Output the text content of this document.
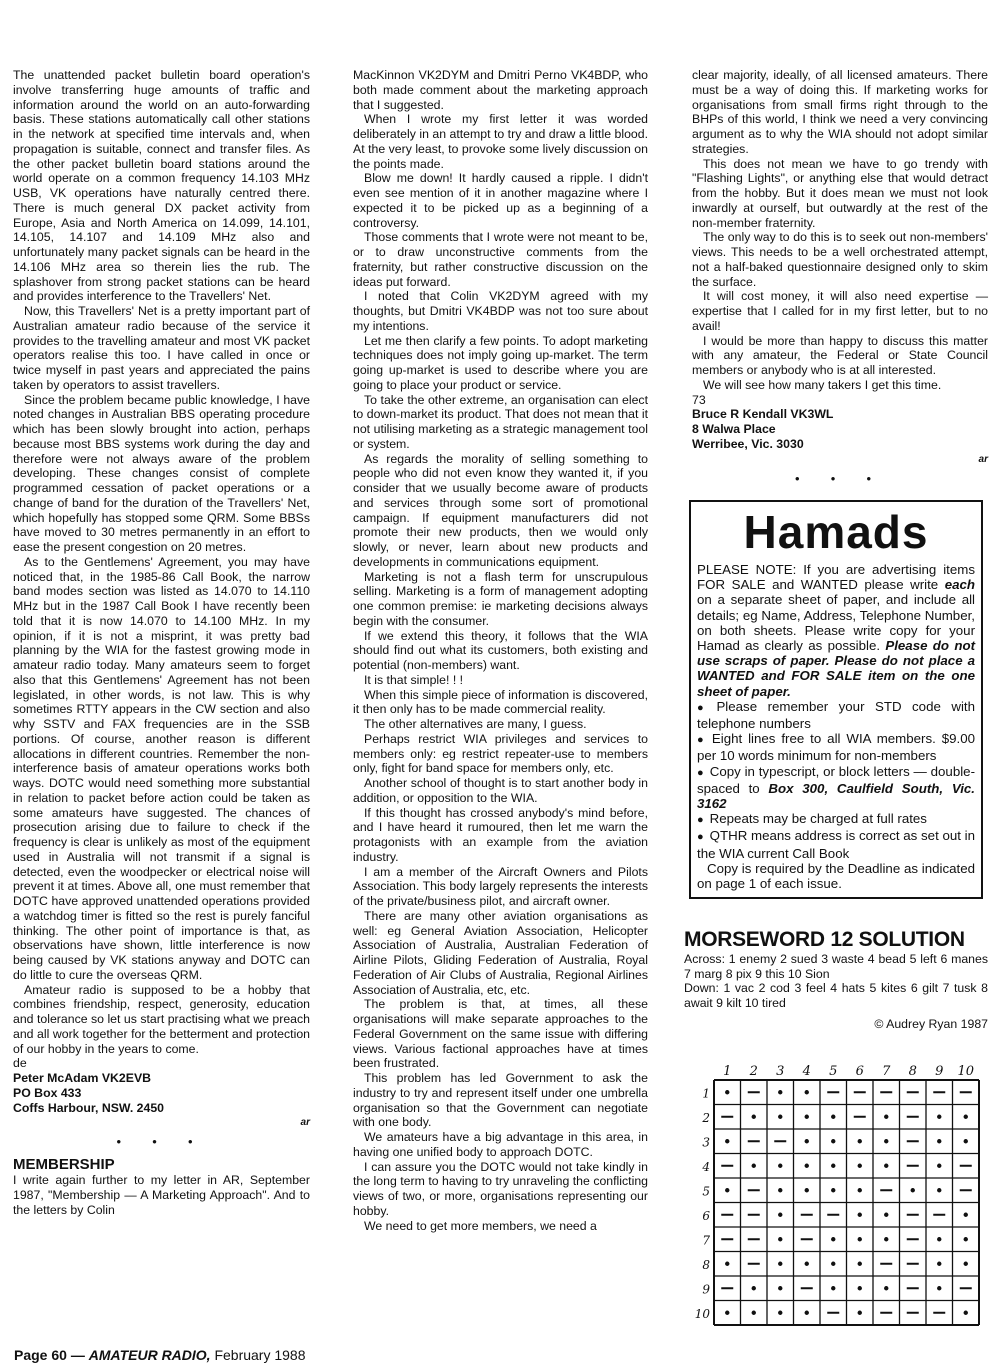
The unattended packet bulletin board operation's involve transferring huge amounts of traffic and information around the world on an auto-forwarding basis. These stations automatically call other stations in the network at specified time intervals and, when propagation is suitable, connect and transfer files. As the other packet bulletin board stations around the world operate on a common frequency 14.103 MHz USB, VK operations have naturally centred there. There is much general DX packet activity from Europe, Asia and North America on 14.099, 14.101, 14.105, 14.107 and 14.109 MHz also and unfortunately many packet signals can be heard in the 14.106 MHz area so therein lies the rub. The splashover from strong packet stations can be heard and provides interference to the Travellers' Net.

Now, this Travellers' Net is a pretty important part of Australian amateur radio because of the service it provides to the travelling amateur and most VK packet operators realise this too. I have called in once or twice myself in past years and appreciated the pains taken by operators to assist travellers.

Since the problem became public knowledge, I have noted changes in Australian BBS operating procedure which has been slowly brought into action, perhaps because most BBS systems work during the day and therefore were not always aware of the problem developing. These changes consist of complete programmed cessation of packet operations or a change of band for the duration of the Travellers' Net, which hopefully has stopped some QRM. Some BBSs have moved to 30 metres permanently in an effort to ease the present congestion on 20 metres.

As to the Gentlemens' Agreement, you may have noticed that, in the 1985-86 Call Book, the narrow band modes section was listed as 14.070 to 14.110 MHz but in the 1987 Call Book I have recently been told that it is now 14.070 to 14.100 MHz. In my opinion, if it is not a misprint, it was pretty bad planning by the WIA for the fastest growing mode in amateur radio today. Many amateurs seem to forget also that this Gentlemens' Agreement has not been legislated, in other words, is not law. This is why sometimes RTTY appears in the CW section and also why SSTV and FAX frequencies are in the SSB portions. Of course, another reason is different allocations in different countries. Remember the non-interference basis of amateur operations works both ways. DOTC would need something more substantial in relation to packet before action could be taken as some amateurs have suggested. The chances of prosecution arising due to failure to check if the frequency is clear is unlikely as most of the equipment used in Australia will not transmit if a signal is detected, even the woodpecker or electrical noise will prevent it at times. Above all, one must remember that DOTC have approved unattended operations provided a watchdog timer is fitted so the rest is purely fanciful thinking. The other point of importance is that, as observations have shown, little interference is now being caused by VK stations anyway and DOTC can do little to cure the overseas QRM.

Amateur radio is supposed to be a hobby that combines friendship, respect, generosity, education and tolerance so let us start practising what we preach and all work together for the betterment and protection of our hobby in the years to come.

de

Peter McAdam VK2EVB
PO Box 433
Coffs Harbour, NSW. 2450
ar
• • •
MEMBERSHIP

I write again further to my letter in AR, September 1987, "Membership — A Marketing Approach". And to the letters by Colin

MacKinnon VK2DYM and Dmitri Perno VK4BDP, who both made comment about the marketing approach that I suggested.

When I wrote my first letter it was worded deliberately in an attempt to try and draw a little blood. At the very least, to provoke some lively discussion on the points made.

Blow me down! It hardly caused a ripple. I didn't even see mention of it in another magazine where I expected it to be picked up as a beginning of a controversy.

Those comments that I wrote were not meant to be, or to draw unconstructive comments from the fraternity, but rather constructive discussion on the ideas put forward.

I noted that Colin VK2DYM agreed with my thoughts, but Dmitri VK4BDP was not too sure about my intentions.

Let me then clarify a few points. To adopt marketing techniques does not imply going up-market. The term going up-market is used to describe where you are going to place your product or service.

To take the other extreme, an organisation can elect to down-market its product. That does not mean that it not utilising marketing as a strategic management tool or system.

As regards the morality of selling something to people who did not even know they wanted it, if you consider that we usually become aware of products and services through some sort of promotional campaign. If equipment manufacturers did not promote their new products, then we would only slowly, or never, learn about new products and developments in communications equipment.

Marketing is not a flash term for unscrupulous selling. Marketing is a form of management adopting one common premise: ie marketing decisions always begin with the consumer.

If we extend this theory, it follows that the WIA should find out what its customers, both existing and potential (non-members) want.

It is that simple! ! !

When this simple piece of information is discovered, it then only has to be made commercial reality.

The other alternatives are many, I guess.

Perhaps restrict WIA privileges and services to members only: eg restrict repeater-use to members only, fight for band space for members only, etc.

Another school of thought is to start another body in addition, or opposition to the WIA.

If this thought has crossed anybody's mind before, and I have heard it rumoured, then let me warn the protagonists with an example from the aviation industry.

I am a member of the Aircraft Owners and Pilots Association. This body largely represents the interests of the private/business pilot, and aircraft owner.

There are many other aviation organisations as well: eg General Aviation Association, Helicopter Association of Australia, Australian Federation of Airline Pilots, Gliding Federation of Australia, Royal Federation of Air Clubs of Australia, Regional Airlines Association of Australia, etc, etc.

The problem is that, at times, all these organisations will make separate approaches to the Federal Government on the same issue with differing views. Various factional approaches have at times been frustrated.

This problem has led Government to ask the industry to try and represent itself under one umbrella organisation so that the Government can negotiate with one body.

We amateurs have a big advantage in this area, in having one unified body to approach DOTC.

I can assure you the DOTC would not take kindly in the long term to having to try unraveling the conflicting views of two, or more, organisations representing our hobby.

We need to get more members, we need a

clear majority, ideally, of all licensed amateurs. There must be a way of doing this. If marketing works for organisations from small firms right through to the BHPs of this world, I think we need a very convincing argument as to why the WIA should not adopt similar strategies.

This does not mean we have to go trendy with "Flashing Lights", or anything else that would detract from the hobby. But it does mean we must not look inwardly at ourself, but outwardly at the rest of the non-member fraternity.

The only way to do this is to seek out non-members' views. This needs to be a well orchestrated attempt, not a half-baked questionnaire designed only to skim the surface.

It will cost money, it will also need expertise — expertise that I called for in my first letter, but to no avail!

I would be more than happy to discuss this matter with any amateur, the Federal or State Council members or anybody who is at all interested.

We will see how many takers I get this time.

73

Bruce R Kendall VK3WL
8 Walwa Place
Werribee, Vic. 3030
ar
• • •
Hamads

PLEASE NOTE: If you are advertising items FOR SALE and WANTED please write each on a separate sheet of paper, and include all details; eg Name, Address, Telephone Number, on both sheets. Please write copy for your Hamad as clearly as possible. Please do not use scraps of paper. Please do not place a WANTED and FOR SALE item on the one sheet of paper.

● Please remember your STD code with telephone numbers

● Eight lines free to all WIA members. $9.00 per 10 words minimum for non-members

● Copy in typescript, or block letters — double-spaced to Box 300, Caulfield South, Vic. 3162

● Repeats may be charged at full rates

● QTHR means address is correct as set out in the WIA current Call Book

Copy is required by the Deadline as indicated on page 1 of each issue.

MORSEWORD 12 SOLUTION

Across: 1 enemy 2 sued 3 waste 4 bead 5 left 6 manes 7 marg 8 pix 9 this 10 Sion

Down: 1 vac 2 cod 3 feel 4 hats 5 kites 6 gilt 7 tusk 8 await 9 kilt 10 tired

© Audrey Ryan 1987

1 2 3 4 5 6 7 8 9 10
1
2
3
4
5
6
7
8
9
10
Page 60 — AMATEUR RADIO, February 1988
